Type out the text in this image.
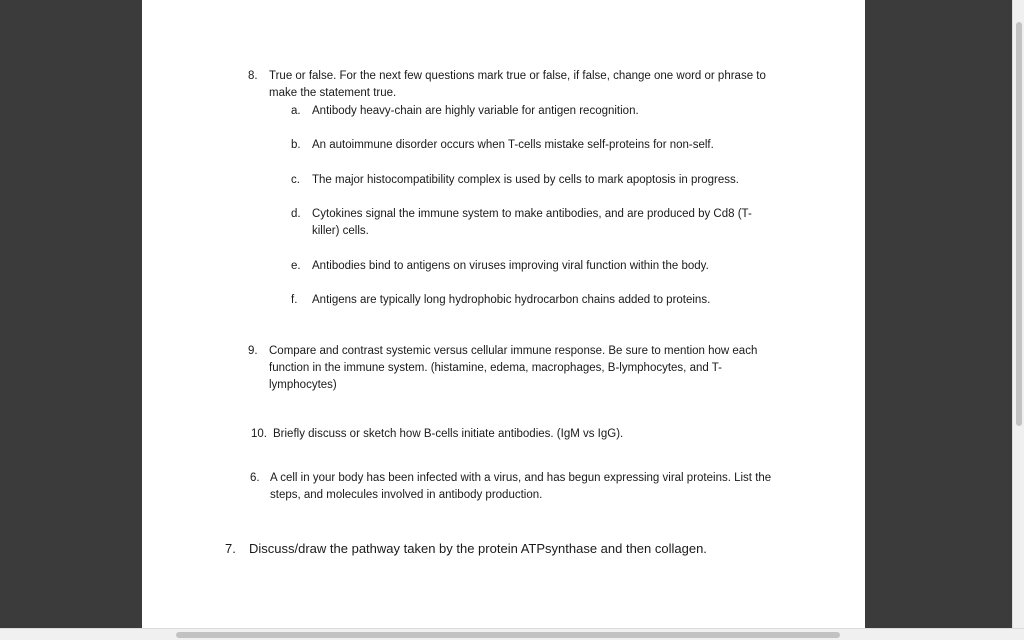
8. True or false. For the next few questions mark true or false, if false, change one word or phrase to make the statement true.
a. Antibody heavy-chain are highly variable for antigen recognition.
b. An autoimmune disorder occurs when T-cells mistake self-proteins for non-self.
c. The major histocompatibility complex is used by cells to mark apoptosis in progress.
d. Cytokines signal the immune system to make antibodies, and are produced by Cd8 (T-killer) cells.
e. Antibodies bind to antigens on viruses improving viral function within the body.
f. Antigens are typically long hydrophobic hydrocarbon chains added to proteins.
9. Compare and contrast systemic versus cellular immune response. Be sure to mention how each function in the immune system. (histamine, edema, macrophages, B-lymphocytes, and T-lymphocytes)
10. Briefly discuss or sketch how B-cells initiate antibodies. (IgM vs IgG).
6. A cell in your body has been infected with a virus, and has begun expressing viral proteins. List the steps, and molecules involved in antibody production.
7. Discuss/draw the pathway taken by the protein ATPsynthase and then collagen.
